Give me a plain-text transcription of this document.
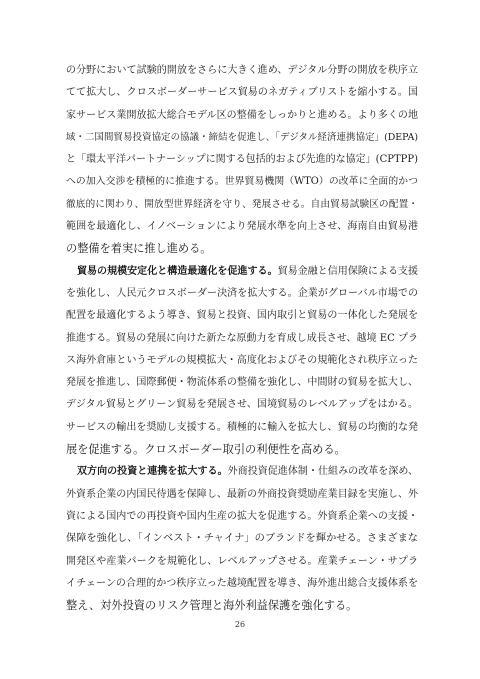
の分野において試験的開放をさらに大きく進め、デジタル分野の開放を秩序立
てて拡大し、クロスボーダーサービス貿易のネガティブリストを縮小する。国
家サービス業開放拡大総合モデル区の整備をしっかりと進める。より多くの地
域・二国間貿易投資協定の協議・締結を促進し、「デジタル経済連携協定」(DEPA)
と「環太平洋パートナーシップに関する包括的および先進的な協定」(CPTPP)
への加入交渉を積極的に推進する。世界貿易機関（WTO）の改革に全面的かつ
徹底的に関わり、開放型世界経済を守り、発展させる。自由貿易試験区の配置・
範囲を最適化し、イノベーションにより発展水準を向上させ、海南自由貿易港
の整備を着実に推し進める。
貿易の規模安定化と構造最適化を促進する。貿易金融と信用保険による支援
を強化し、人民元クロスボーダー決済を拡大する。企業がグローバル市場での
配置を最適化するよう導き、貿易と投資、国内取引と貿易の一体化した発展を
推進する。貿易の発展に向けた新たな原動力を育成し成長させ、越境 EC プラ
ス海外倉庫というモデルの規模拡大・高度化およびその規範化され秩序立った
発展を推進し、国際郵便・物流体系の整備を強化し、中間財の貿易を拡大し、
デジタル貿易とグリーン貿易を発展させ、国境貿易のレベルアップをはかる。
サービスの輸出を奨励し支援する。積極的に輸入を拡大し、貿易の均衡的な発
展を促進する。クロスボーダー取引の利便性を高める。
双方向の投資と連携を拡大する。外商投資促進体制・仕組みの改革を深め、
外資系企業の内国民待遇を保障し、最新の外商投資奨励産業目録を実施し、外
資による国内での再投資や国内生産の拡大を促進する。外資系企業への支援・
保障を強化し、「インベスト・チャイナ」のブランドを輝かせる。さまざまな
開発区や産業パークを規範化し、レベルアップさせる。産業チェーン・サプラ
イチェーンの合理的かつ秩序立った越境配置を導き、海外進出総合支援体系を
整え、対外投資のリスク管理と海外利益保護を強化する。
26
